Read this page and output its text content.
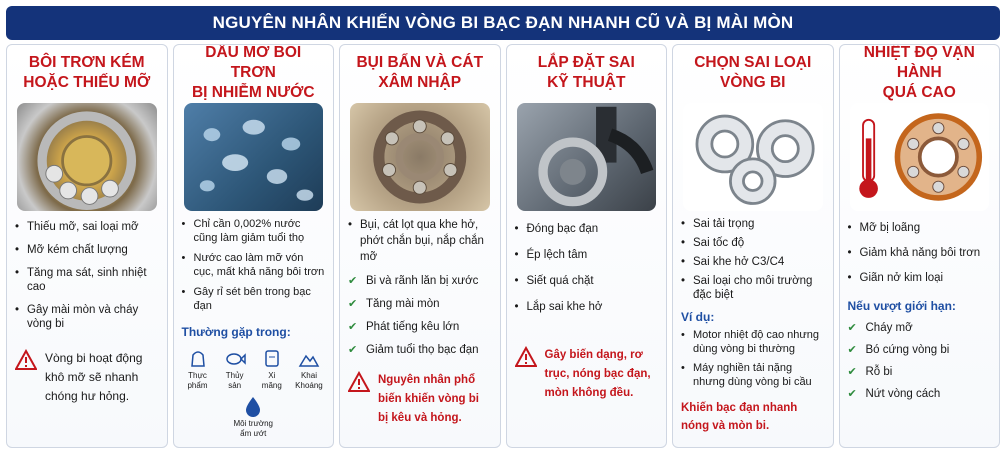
NGUYÊN NHÂN KHIẾN VÒNG BI BẠC ĐẠN NHANH CŨ VÀ BỊ MÀI MÒN
BÔI TRƠN KÉM
HOẶC THIẾU MỠ
• Thiếu mỡ, sai loại mỡ
• Mỡ kém chất lượng
• Tăng ma sát, sinh nhiệt cao
• Gây mài mòn và cháy vòng bi
Vòng bi hoạt động khô mỡ sẽ nhanh chóng hư hỏng.
DẦU MỠ BÔI TRƠN
BỊ NHIỄM NƯỚC
• Chỉ cần 0,002% nước cũng làm giảm tuổi thọ
• Nước cao làm mỡ vón cục, mất khả năng bôi trơn
• Gây rỉ sét bên trong bạc đạn
Thường gặp trong:
Thực phẩm
Thủy sản
Xi măng
Khai Khoáng
Môi trường ẩm ướt
BỤI BẨN VÀ CÁT
XÂM NHẬP
• Bụi, cát lọt qua khe hở, phớt chắn bụi, nắp chắn mỡ
✔ Bi và rãnh lăn bị xước
✔ Tăng mài mòn
✔ Phát tiếng kêu lớn
✔ Giảm tuổi thọ bạc đạn
Nguyên nhân phổ biến khiến vòng bi bị kêu và hỏng.
LẮP ĐẶT SAI
KỸ THUẬT
• Đóng bạc đạn
• Ép lệch tâm
• Siết quá chặt
• Lắp sai khe hở
Gây biến dạng, rơ trục, nóng bạc đạn, mòn không đều.
CHỌN SAI LOẠI
VÒNG BI
• Sai tải trọng
• Sai tốc độ
• Sai khe hở C3/C4
• Sai loại cho môi trường đặc biệt
Ví dụ:
• Motor nhiệt độ cao nhưng dùng vòng bi thường
• Máy nghiền tải nặng nhưng dùng vòng bi cầu
Khiến bạc đạn nhanh nóng và mòn bi.
NHIỆT ĐỘ VẬN HÀNH
QUÁ CAO
• Mỡ bị loãng
• Giảm khả năng bôi trơn
• Giãn nở kim loại
Nếu vượt giới hạn:
✔ Cháy mỡ
✔ Bó cứng vòng bi
✔ Rỗ bi
✔ Nứt vòng cách
